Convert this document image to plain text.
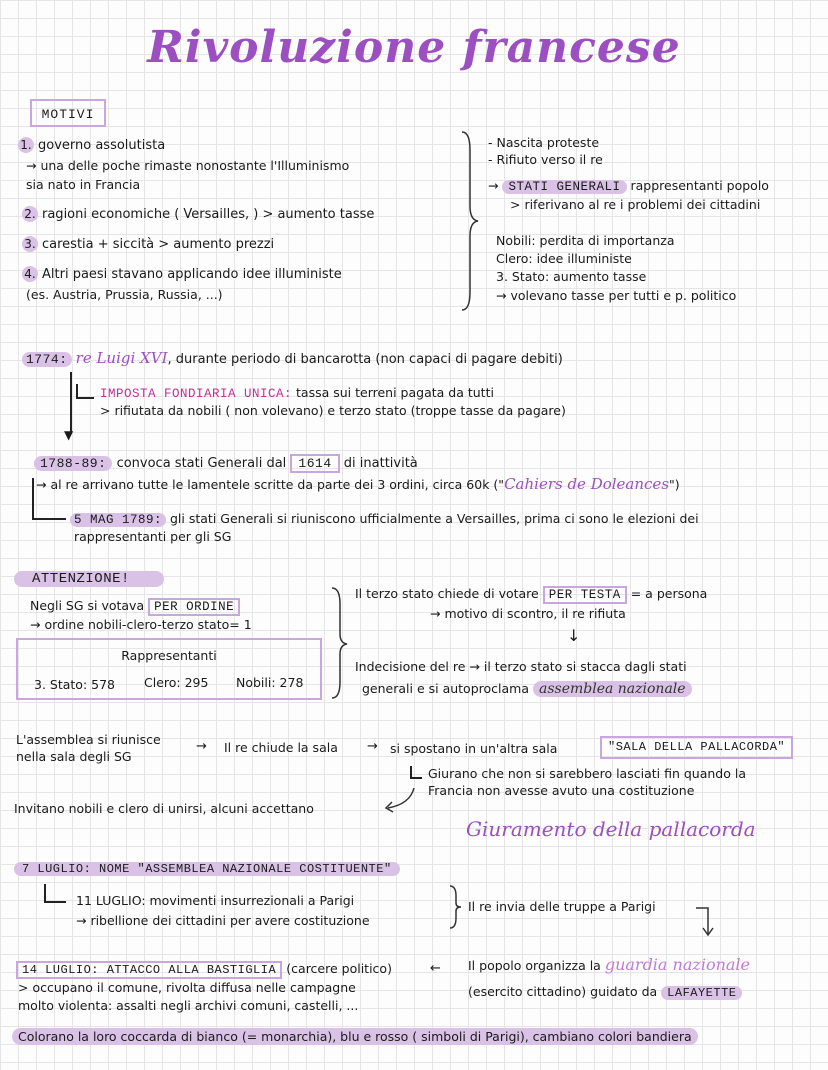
Rivoluzione francese
MOTIVI
1. governo assolutista
→ una delle poche rimaste nonostante l'Illuminismo
sia nato in Francia
2. ragioni economiche ( Versailles, ) > aumento tasse
3. carestia + siccità > aumento prezzi
4. Altri paesi stavano applicando idee illuministe
(es. Austria, Prussia, Russia, ...)
- Nascita proteste
- Rifiuto verso il re
→ STATI GENERALI rappresentanti popolo
> riferivano al re i problemi dei cittadini
Nobili: perdita di importanza
Clero: idee illuministe
3. Stato: aumento tasse
→ volevano tasse per tutti e p. politico
1774: re Luigi XVI, durante periodo di bancarotta (non capaci di pagare debiti)
▼
IMPOSTA FONDIARIA UNICA: tassa sui terreni pagata da tutti
> rifiutata da nobili ( non volevano) e terzo stato (troppe tasse da pagare)
1788-89: convoca stati Generali dal 1614 di inattività
→ al re arrivano tutte le lamentele scritte da parte dei 3 ordini, circa 60k ("Cahiers de Doleances")
5 MAG 1789: gli stati Generali si riuniscono ufficialmente a Versailles, prima ci sono le elezioni dei
rappresentanti per gli SG
ATTENZIONE!
Negli SG si votava PER ORDINE
→ ordine nobili-clero-terzo stato= 1
Rappresentanti
3. Stato: 578 Clero: 295 Nobili: 278
Il terzo stato chiede di votare PER TESTA = a persona
→ motivo di scontro, il re rifiuta
↓
Indecisione del re → il terzo stato si stacca dagli stati
generali e si autoproclama assemblea nazionale
L'assemblea si riunisce
nella sala degli SG
→ Il re chiude la sala → si spostano in un'altra sala	"SALA DELLA PALLACORDA"
Giurano che non si sarebbero lasciati fin quando la
Francia non avesse avuto una costituzione
Invitano nobili e clero di unirsi, alcuni accettano
Giuramento della pallacorda
7 LUGLIO: NOME "ASSEMBLEA NAZIONALE COSTITUENTE"
11 LUGLIO: movimenti insurrezionali a Parigi
→ ribellione dei cittadini per avere costituzione
Il re invia delle truppe a Parigi
14 LUGLIO: ATTACCO ALLA BASTIGLIA (carcere politico)	←
> occupano il comune, rivolta diffusa nelle campagne
molto violenta: assalti negli archivi comuni, castelli, ...
Il popolo organizza la guardia nazionale
(esercito cittadino) guidato da LAFAYETTE
Colorano la loro coccarda di bianco (= monarchia), blu e rosso ( simboli di Parigi), cambiano colori bandiera
